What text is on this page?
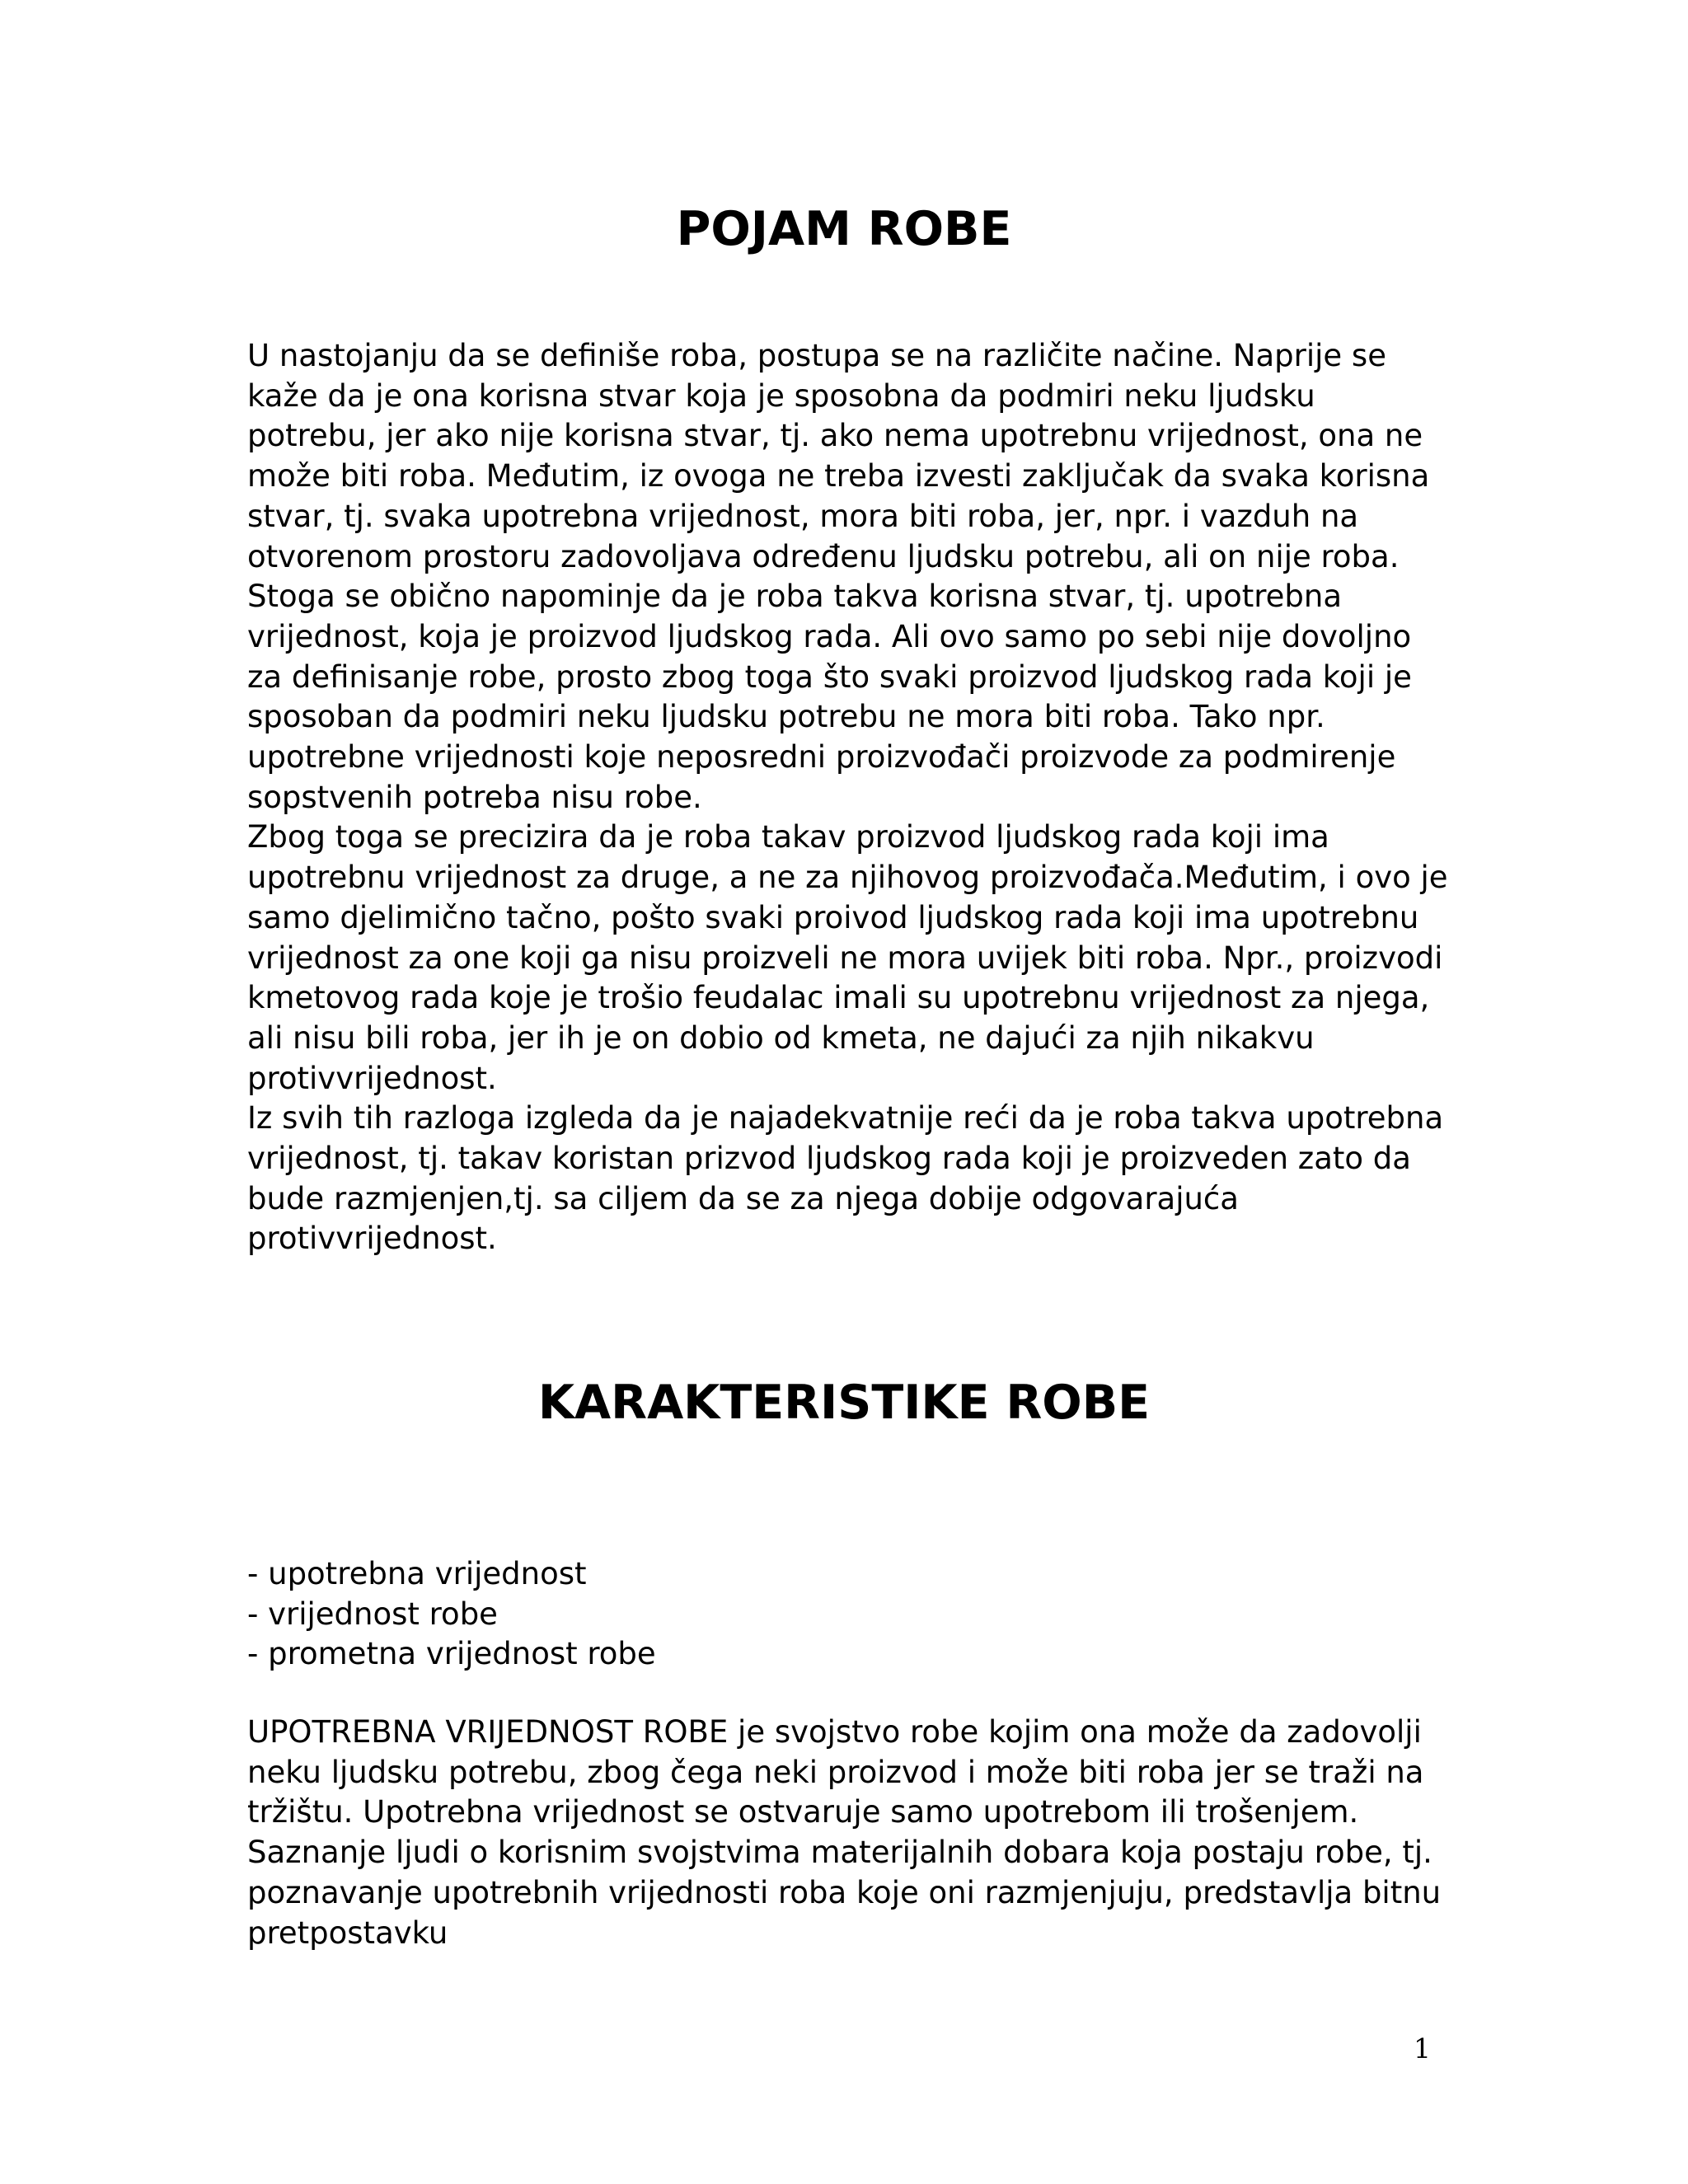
POJAM ROBE

U nastojanju da se definiše roba, postupa se na različite načine. Naprije se kaže da je ona korisna stvar koja je sposobna da podmiri neku ljudsku potrebu, jer ako nije korisna stvar, tj. ako nema upotrebnu vrijednost, ona ne može biti roba. Međutim, iz ovoga ne treba izvesti zaključak da svaka korisna stvar, tj. svaka upotrebna vrijednost, mora biti roba, jer, npr. i vazduh na otvorenom prostoru zadovoljava određenu ljudsku potrebu, ali on nije roba.

Stoga se obično napominje da je roba takva korisna stvar, tj. upotrebna vrijednost, koja je proizvod ljudskog rada. Ali ovo samo po sebi nije dovoljno za definisanje robe, prosto zbog toga što svaki proizvod ljudskog rada koji je sposoban da podmiri neku ljudsku potrebu ne mora biti roba. Tako npr. upotrebne vrijednosti koje neposredni proizvođači proizvode za podmirenje sopstvenih potreba nisu robe.

Zbog toga se precizira da je roba takav proizvod ljudskog rada koji ima upotrebnu vrijednost za druge, a ne za njihovog proizvođača.Međutim, i ovo je samo djelimično tačno, pošto svaki proivod ljudskog rada koji ima upotrebnu vrijednost za one koji ga nisu proizveli ne mora uvijek biti roba. Npr., proizvodi kmetovog rada koje je trošio feudalac imali su upotrebnu vrijednost za njega, ali nisu bili roba, jer ih je on dobio od kmeta, ne dajući za njih nikakvu protivvrijednost.

Iz svih tih razloga izgleda da je najadekvatnije reći da je roba takva upotrebna vrijednost, tj. takav koristan prizvod ljudskog rada koji je proizveden zato da bude razmjenjen,tj. sa ciljem da se za njega dobije odgovarajuća protivvrijednost.

KARAKTERISTIKE ROBE
- upotrebna vrijednost
- vrijednost robe
- prometna vrijednost robe

UPOTREBNA VRIJEDNOST ROBE je svojstvo robe kojim ona može da zadovolji neku ljudsku potrebu, zbog čega neki proizvod i može biti roba jer se traži na tržištu. Upotrebna vrijednost se ostvaruje samo upotrebom ili trošenjem. Saznanje ljudi o korisnim svojstvima materijalnih dobara koja postaju robe, tj. poznavanje upotrebnih vrijednosti roba koje oni razmjenjuju, predstavlja bitnu pretpostavku

1
